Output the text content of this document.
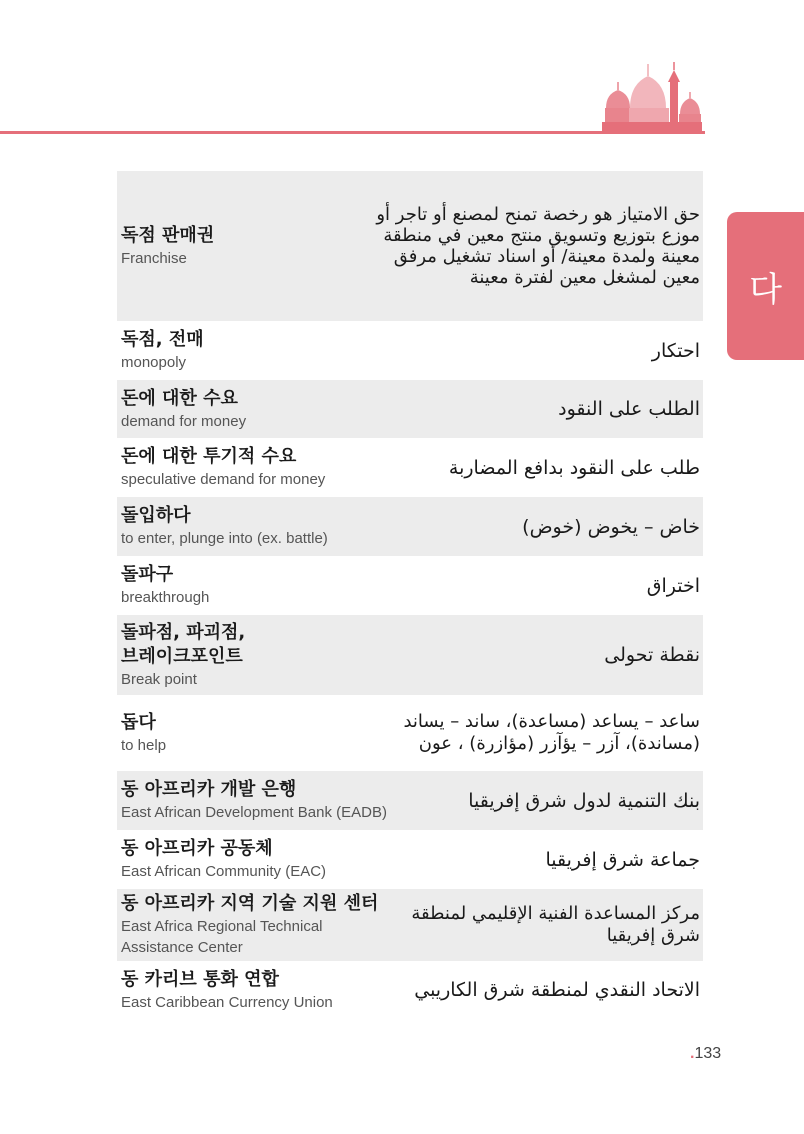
다
독점 판매권
Franchise
حق الامتياز هو رخصة تمنح لمصنع أو تاجر أو موزع بتوزيع وتسويق منتج معين في منطقة معينة ولمدة معينة/ أو اسناد تشغيل مرفق معين لمشغل معين لفترة معينة
독점, 전매
monopoly
احتكار
돈에 대한 수요
demand for money
الطلب على النقود
돈에 대한 투기적 수요
speculative demand for money
طلب على النقود بدافع المضاربة
돌입하다
to enter, plunge into (ex. battle)
خاض – يخوض (خوض)
돌파구
breakthrough
اختراق
돌파점, 파괴점,
브레이크포인트
Break point
نقطة تحولى
돕다
to help
ساعد – يساعد (مساعدة)، ساند – يساند (مساندة)، آزر – يؤآزر (مؤازرة) ، عون
동 아프리카 개발 은행
East African Development Bank (EADB)
بنك التنمية لدول شرق إفريقيا
동 아프리카 공동체
East African Community (EAC)
جماعة شرق إفريقيا
동 아프리카 지역 기술 지원 센터
East Africa Regional Technical
Assistance Center
مركز المساعدة الفنية الإقليمي لمنطقة شرق إفريقيا
동 카리브 통화 연합
East Caribbean Currency Union
الاتحاد النقدي لمنطقة شرق الكاريبي
.133
